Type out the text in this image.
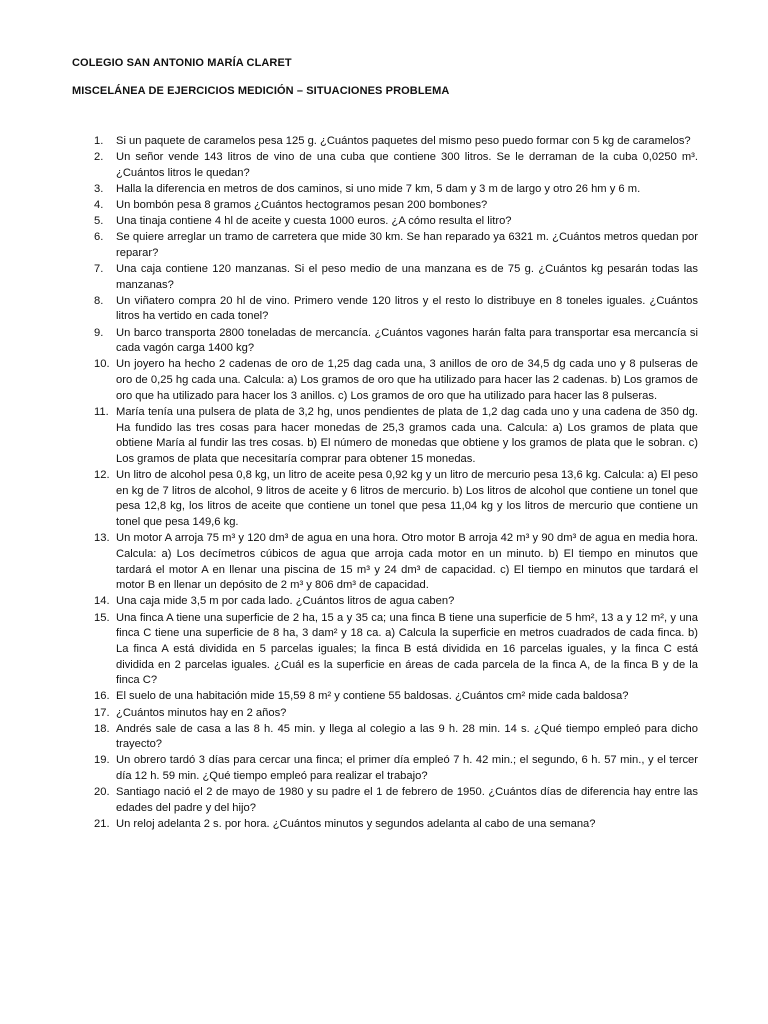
COLEGIO SAN ANTONIO MARÍA CLARET
MISCELÁNEA DE EJERCICIOS MEDICIÓN – SITUACIONES PROBLEMA
1.	Si un paquete de caramelos pesa 125 g. ¿Cuántos paquetes del mismo peso puedo formar con 5 kg de caramelos?
2.	Un señor vende 143 litros de vino de una cuba que contiene 300 litros. Se le derraman de la cuba 0,0250 m³. ¿Cuántos litros le quedan?
3.	Halla la diferencia en metros de dos caminos, si uno mide 7 km, 5 dam y 3 m de largo y otro 26 hm y 6 m.
4.	Un bombón pesa 8 gramos ¿Cuántos hectogramos pesan 200 bombones?
5.	Una tinaja contiene 4 hl de aceite y cuesta 1000 euros. ¿A cómo resulta el litro?
6.	Se quiere arreglar un tramo de carretera que mide 30 km. Se han reparado ya 6321 m. ¿Cuántos metros quedan por reparar?
7.	Una caja contiene 120 manzanas. Si el peso medio de una manzana es de 75 g. ¿Cuántos kg pesarán todas las manzanas?
8.	Un viñatero compra 20 hl de vino. Primero vende 120 litros y el resto lo distribuye en 8 toneles iguales. ¿Cuántos litros ha vertido en cada tonel?
9.	Un barco transporta 2800 toneladas de mercancía. ¿Cuántos vagones harán falta para transportar esa mercancía si cada vagón carga 1400 kg?
10. Un joyero ha hecho 2 cadenas de oro de 1,25 dag cada una, 3 anillos de oro de 34,5 dg cada uno y 8 pulseras de oro de 0,25 hg cada una. Calcula: a) Los gramos de oro que ha utilizado para hacer las 2 cadenas. b) Los gramos de oro que ha utilizado para hacer los 3 anillos. c) Los gramos de oro que ha utilizado para hacer las 8 pulseras.
11. María tenía una pulsera de plata de 3,2 hg, unos pendientes de plata de 1,2 dag cada uno y una cadena de 350 dg. Ha fundido las tres cosas para hacer monedas de 25,3 gramos cada una. Calcula: a) Los gramos de plata que obtiene María al fundir las tres cosas. b) El número de monedas que obtiene y los gramos de plata que le sobran. c) Los gramos de plata que necesitaría comprar para obtener 15 monedas.
12. Un litro de alcohol pesa 0,8 kg, un litro de aceite pesa 0,92 kg y un litro de mercurio pesa 13,6 kg. Calcula: a) El peso en kg de 7 litros de alcohol, 9 litros de aceite y 6 litros de mercurio. b) Los litros de alcohol que contiene un tonel que pesa 12,8 kg, los litros de aceite que contiene un tonel que pesa 11,04 kg y los litros de mercurio que contiene un tonel que pesa 149,6 kg.
13. Un motor A arroja 75 m³ y 120 dm³ de agua en una hora. Otro motor B arroja 42 m³ y 90 dm³ de agua en media hora. Calcula: a) Los decímetros cúbicos de agua que arroja cada motor en un minuto. b) El tiempo en minutos que tardará el motor A en llenar una piscina de 15 m³ y 24 dm³ de capacidad. c) El tiempo en minutos que tardará el motor B en llenar un depósito de 2 m³ y 806 dm³ de capacidad.
14. Una caja mide 3,5 m por cada lado. ¿Cuántos litros de agua caben?
15. Una finca A tiene una superficie de 2 ha, 15 a y 35 ca; una finca B tiene una superficie de 5 hm², 13 a y 12 m², y una finca C tiene una superficie de 8 ha, 3 dam² y 18 ca. a) Calcula la superficie en metros cuadrados de cada finca. b) La finca A está dividida en 5 parcelas iguales; la finca B está dividida en 16 parcelas iguales, y la finca C está dividida en 2 parcelas iguales. ¿Cuál es la superficie en áreas de cada parcela de la finca A, de la finca B y de la finca C?
16. El suelo de una habitación mide 15,59 8 m² y contiene 55 baldosas. ¿Cuántos cm² mide cada baldosa?
17. ¿Cuántos minutos hay en 2 años?
18. Andrés sale de casa a las 8 h. 45 min. y llega al colegio a las 9 h. 28 min. 14 s. ¿Qué tiempo empleó para dicho trayecto?
19. Un obrero tardó 3 días para cercar una finca; el primer día empleó 7 h. 42 min.; el segundo, 6 h. 57 min., y el tercer día 12 h. 59 min. ¿Qué tiempo empleó para realizar el trabajo?
20. Santiago nació el 2 de mayo de 1980 y su padre el 1 de febrero de 1950. ¿Cuántos días de diferencia hay entre las edades del padre y del hijo?
21. Un reloj adelanta 2 s. por hora. ¿Cuántos minutos y segundos adelanta al cabo de una semana?
